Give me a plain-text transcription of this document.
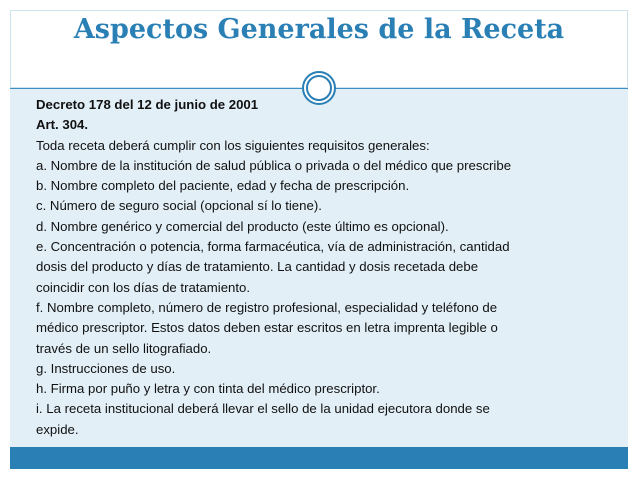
Aspectos Generales de la Receta
Decreto 178 del 12 de junio de 2001
Art. 304.
Toda receta deberá cumplir con los siguientes requisitos generales:
a. Nombre de la institución de salud pública o privada o del médico que prescribe
b. Nombre completo del paciente, edad y fecha de prescripción.
c. Número de seguro social (opcional sí lo tiene).
d. Nombre genérico y comercial del producto (este último es opcional).
e. Concentración o potencia, forma farmacéutica, vía de administración, cantidad
dosis del producto y días de tratamiento. La cantidad y dosis recetada debe
coincidir con los días de tratamiento.
f. Nombre completo, número de registro profesional, especialidad y teléfono de
médico prescriptor. Estos datos deben estar escritos en letra imprenta legible o
través de un sello litografiado.
g. Instrucciones de uso.
h. Firma por puño y letra y con tinta del médico prescriptor.
i. La receta institucional deberá llevar el sello de la unidad ejecutora donde se
expide.
